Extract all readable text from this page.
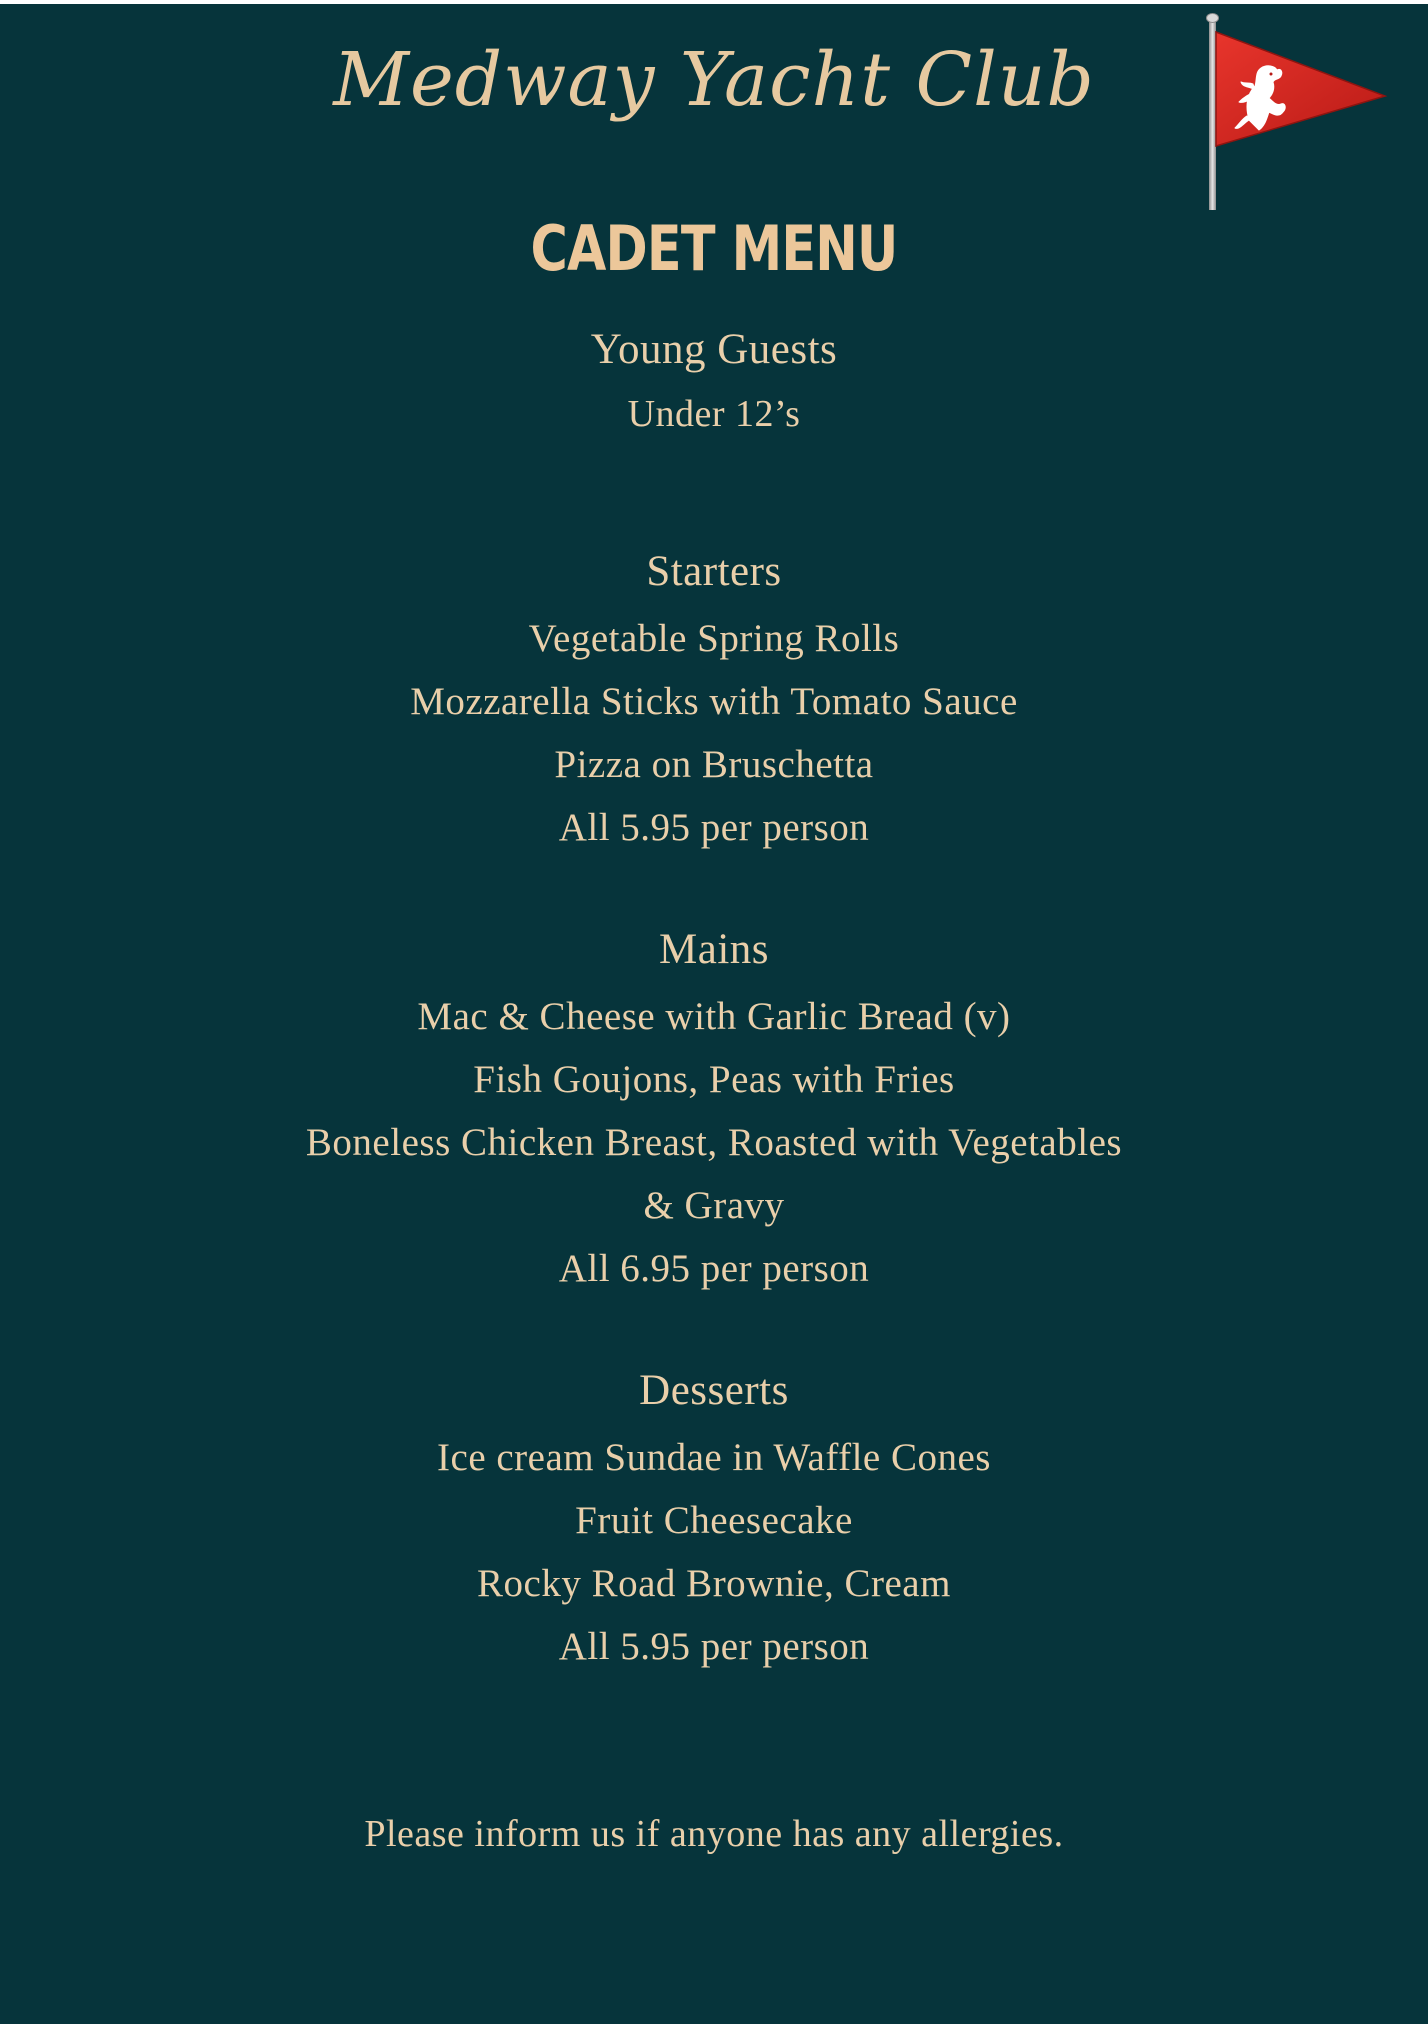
Medway Yacht Club
CADET MENU
Young Guests
Under 12’s
Starters
Vegetable Spring Rolls
Mozzarella Sticks with Tomato Sauce
Pizza on Bruschetta
All 5.95 per person
Mains
Mac & Cheese with Garlic Bread (v)
Fish Goujons, Peas with Fries
Boneless Chicken Breast, Roasted with Vegetables
& Gravy
All 6.95 per person
Desserts
Ice cream Sundae in Waffle Cones
Fruit Cheesecake
Rocky Road Brownie, Cream
All 5.95 per person
Please inform us if anyone has any allergies.
